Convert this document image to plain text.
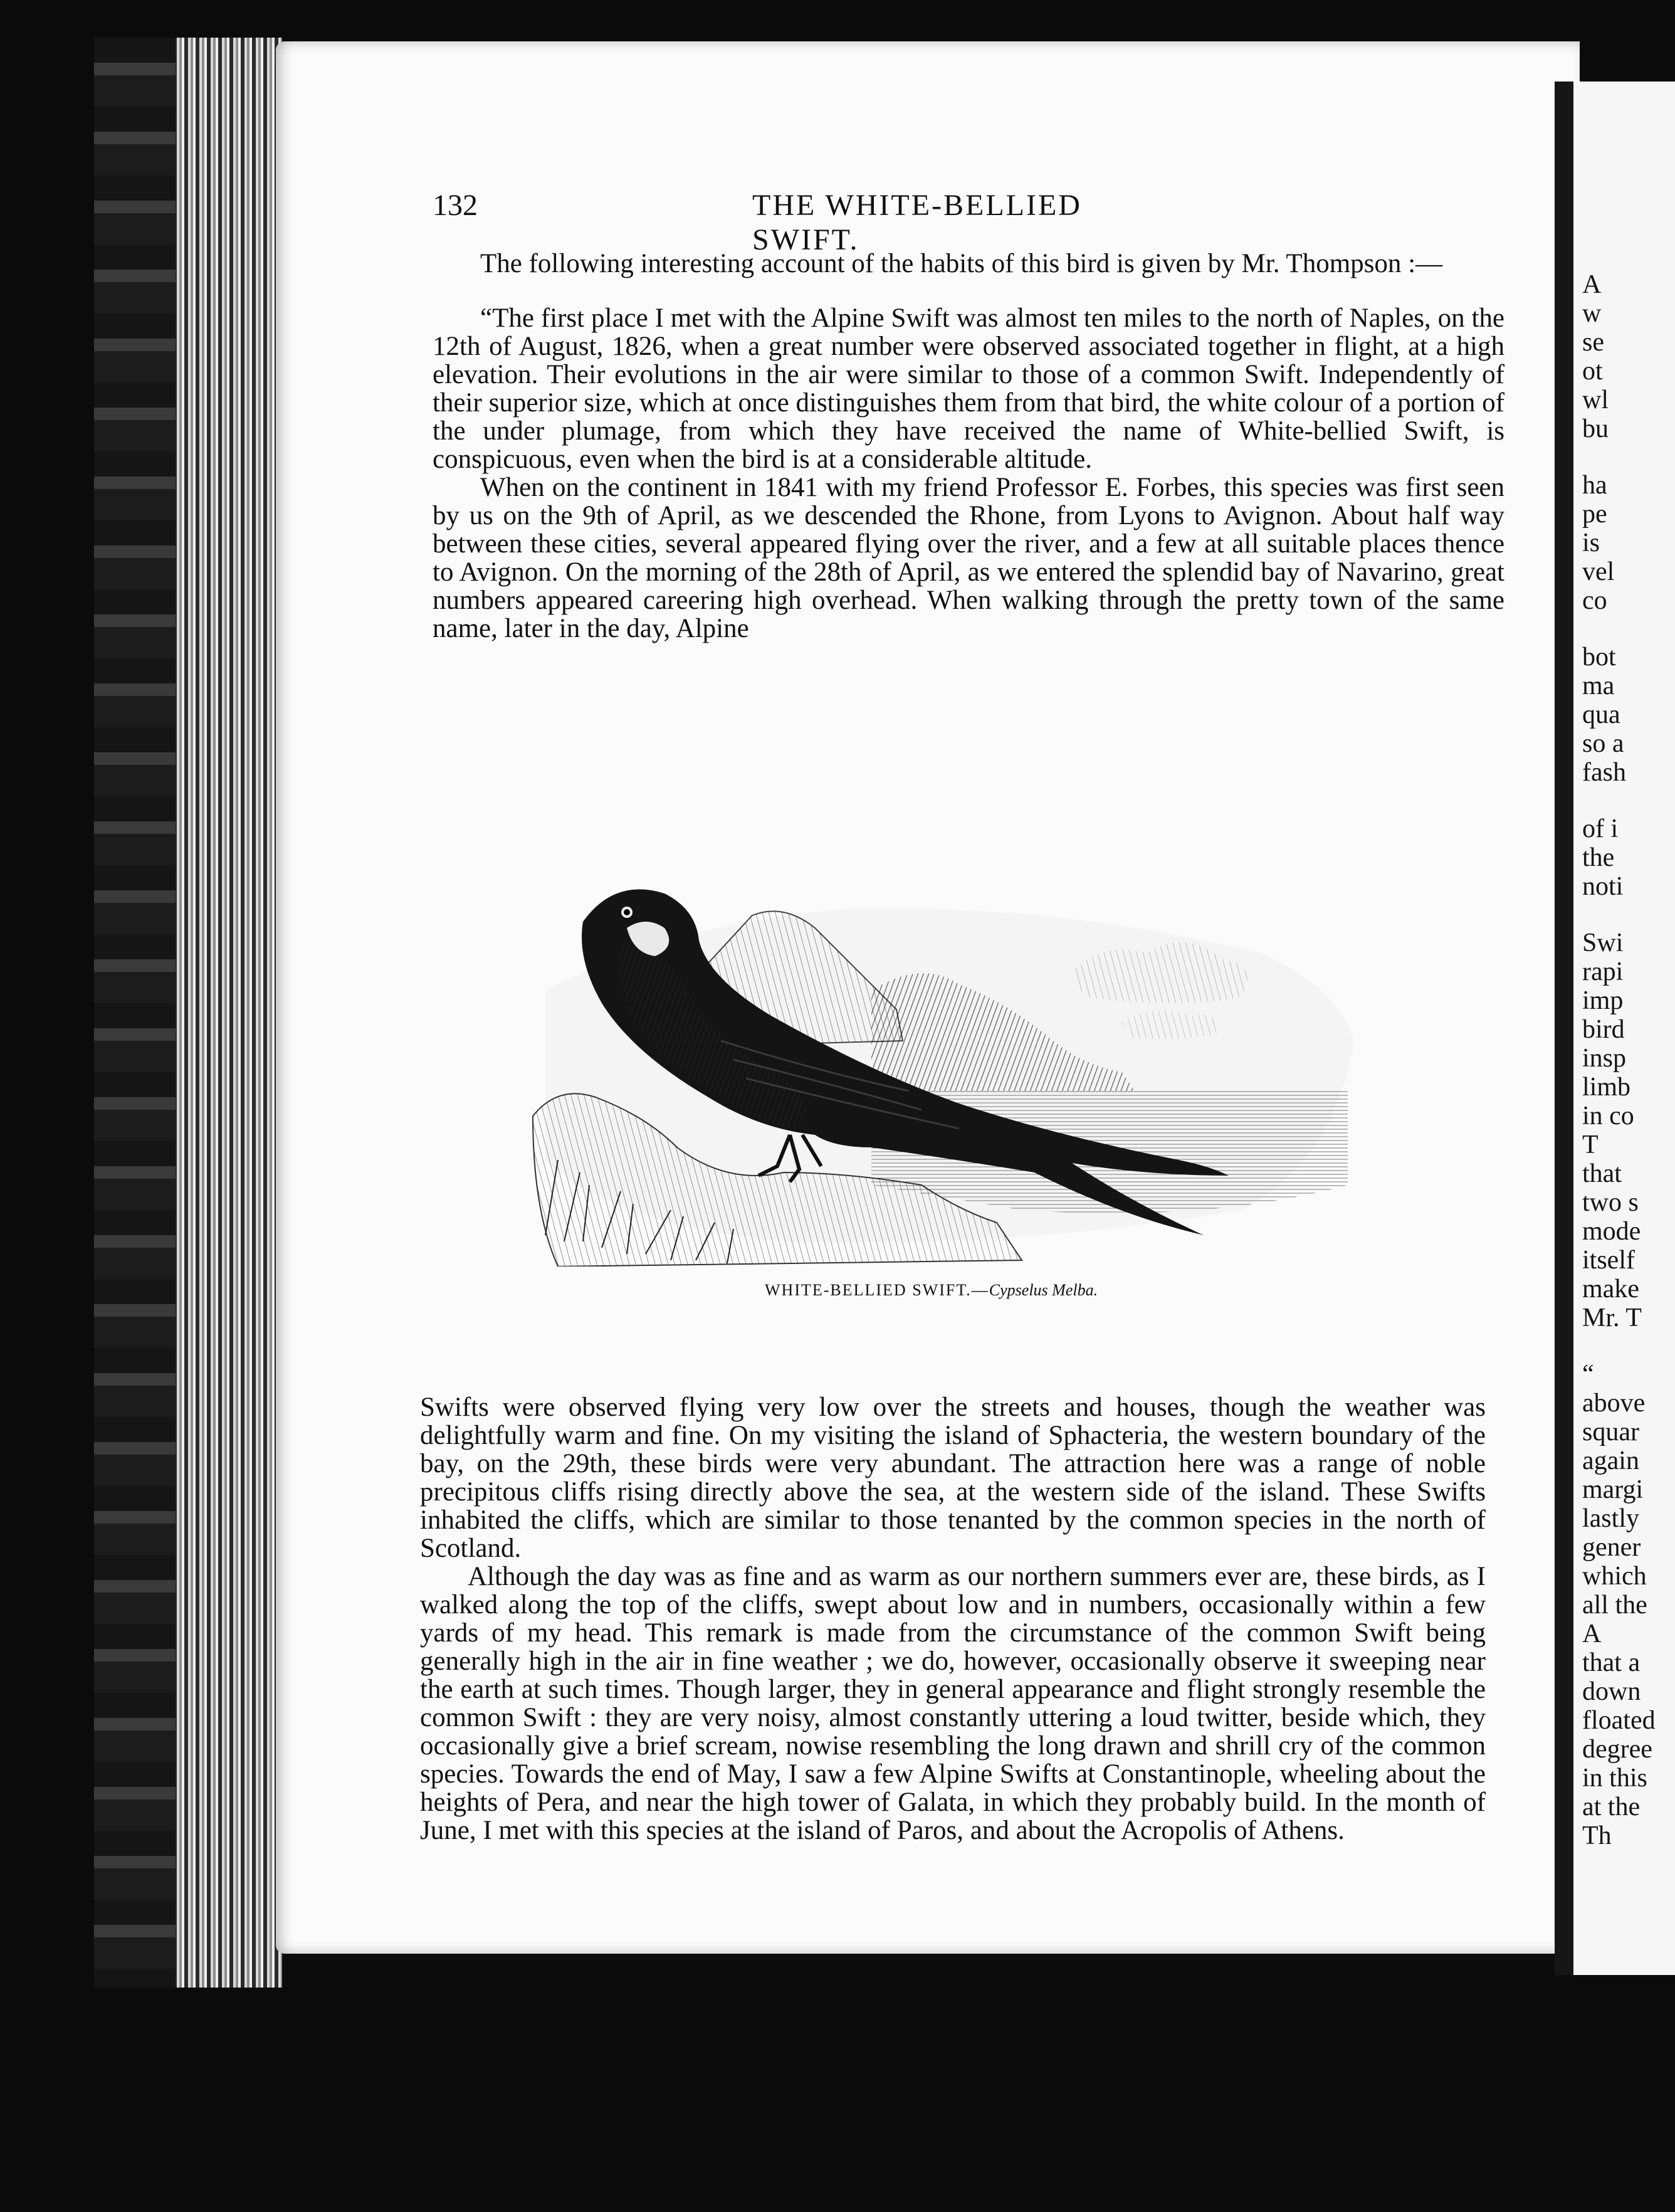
A
w
se
ot
wl
bu
ha
pe
is
vel
co
bot
ma
qua
so a
fash
of i
the
noti
Swi
rapi
imp
bird
insp
limb
in co
T
that
two s
mode
itself
make
Mr. T
“
above
squar
again
margi
lastly
gener
which
all the
A
that a
down
floated
degree
in this
at the
Th
132	THE WHITE-BELLIED SWIFT.

The following interesting account of the habits of this bird is given by Mr. Thompson :—

“The first place I met with the Alpine Swift was almost ten miles to the north of Naples, on the 12th of August, 1826, when a great number were observed associated together in flight, at a high elevation. Their evolutions in the air were similar to those of a common Swift. Independently of their superior size, which at once distinguishes them from that bird, the white colour of a portion of the under plumage, from which they have received the name of White-bellied Swift, is conspicuous, even when the bird is at a considerable altitude.

When on the continent in 1841 with my friend Professor E. Forbes, this species was first seen by us on the 9th of April, as we descended the Rhone, from Lyons to Avignon. About half way between these cities, several appeared flying over the river, and a few at all suitable places thence to Avignon. On the morning of the 28th of April, as we entered the splendid bay of Navarino, great numbers appeared careering high overhead. When walking through the pretty town of the same name, later in the day, Alpine

WHITE-BELLIED SWIFT.—Cypselus Melba.

Swifts were observed flying very low over the streets and houses, though the weather was delightfully warm and fine. On my visiting the island of Sphacteria, the western boundary of the bay, on the 29th, these birds were very abundant. The attraction here was a range of noble precipitous cliffs rising directly above the sea, at the western side of the island. These Swifts inhabited the cliffs, which are similar to those tenanted by the common species in the north of Scotland.

Although the day was as fine and as warm as our northern summers ever are, these birds, as I walked along the top of the cliffs, swept about low and in numbers, occasionally within a few yards of my head. This remark is made from the circumstance of the common Swift being generally high in the air in fine weather ; we do, however, occasionally observe it sweeping near the earth at such times. Though larger, they in general appearance and flight strongly resemble the common Swift : they are very noisy, almost constantly uttering a loud twitter, beside which, they occasionally give a brief scream, nowise resembling the long drawn and shrill cry of the common species. Towards the end of May, I saw a few Alpine Swifts at Constantinople, wheeling about the heights of Pera, and near the high tower of Galata, in which they probably build. In the month of June, I met with this species at the island of Paros, and about the Acropolis of Athens.
